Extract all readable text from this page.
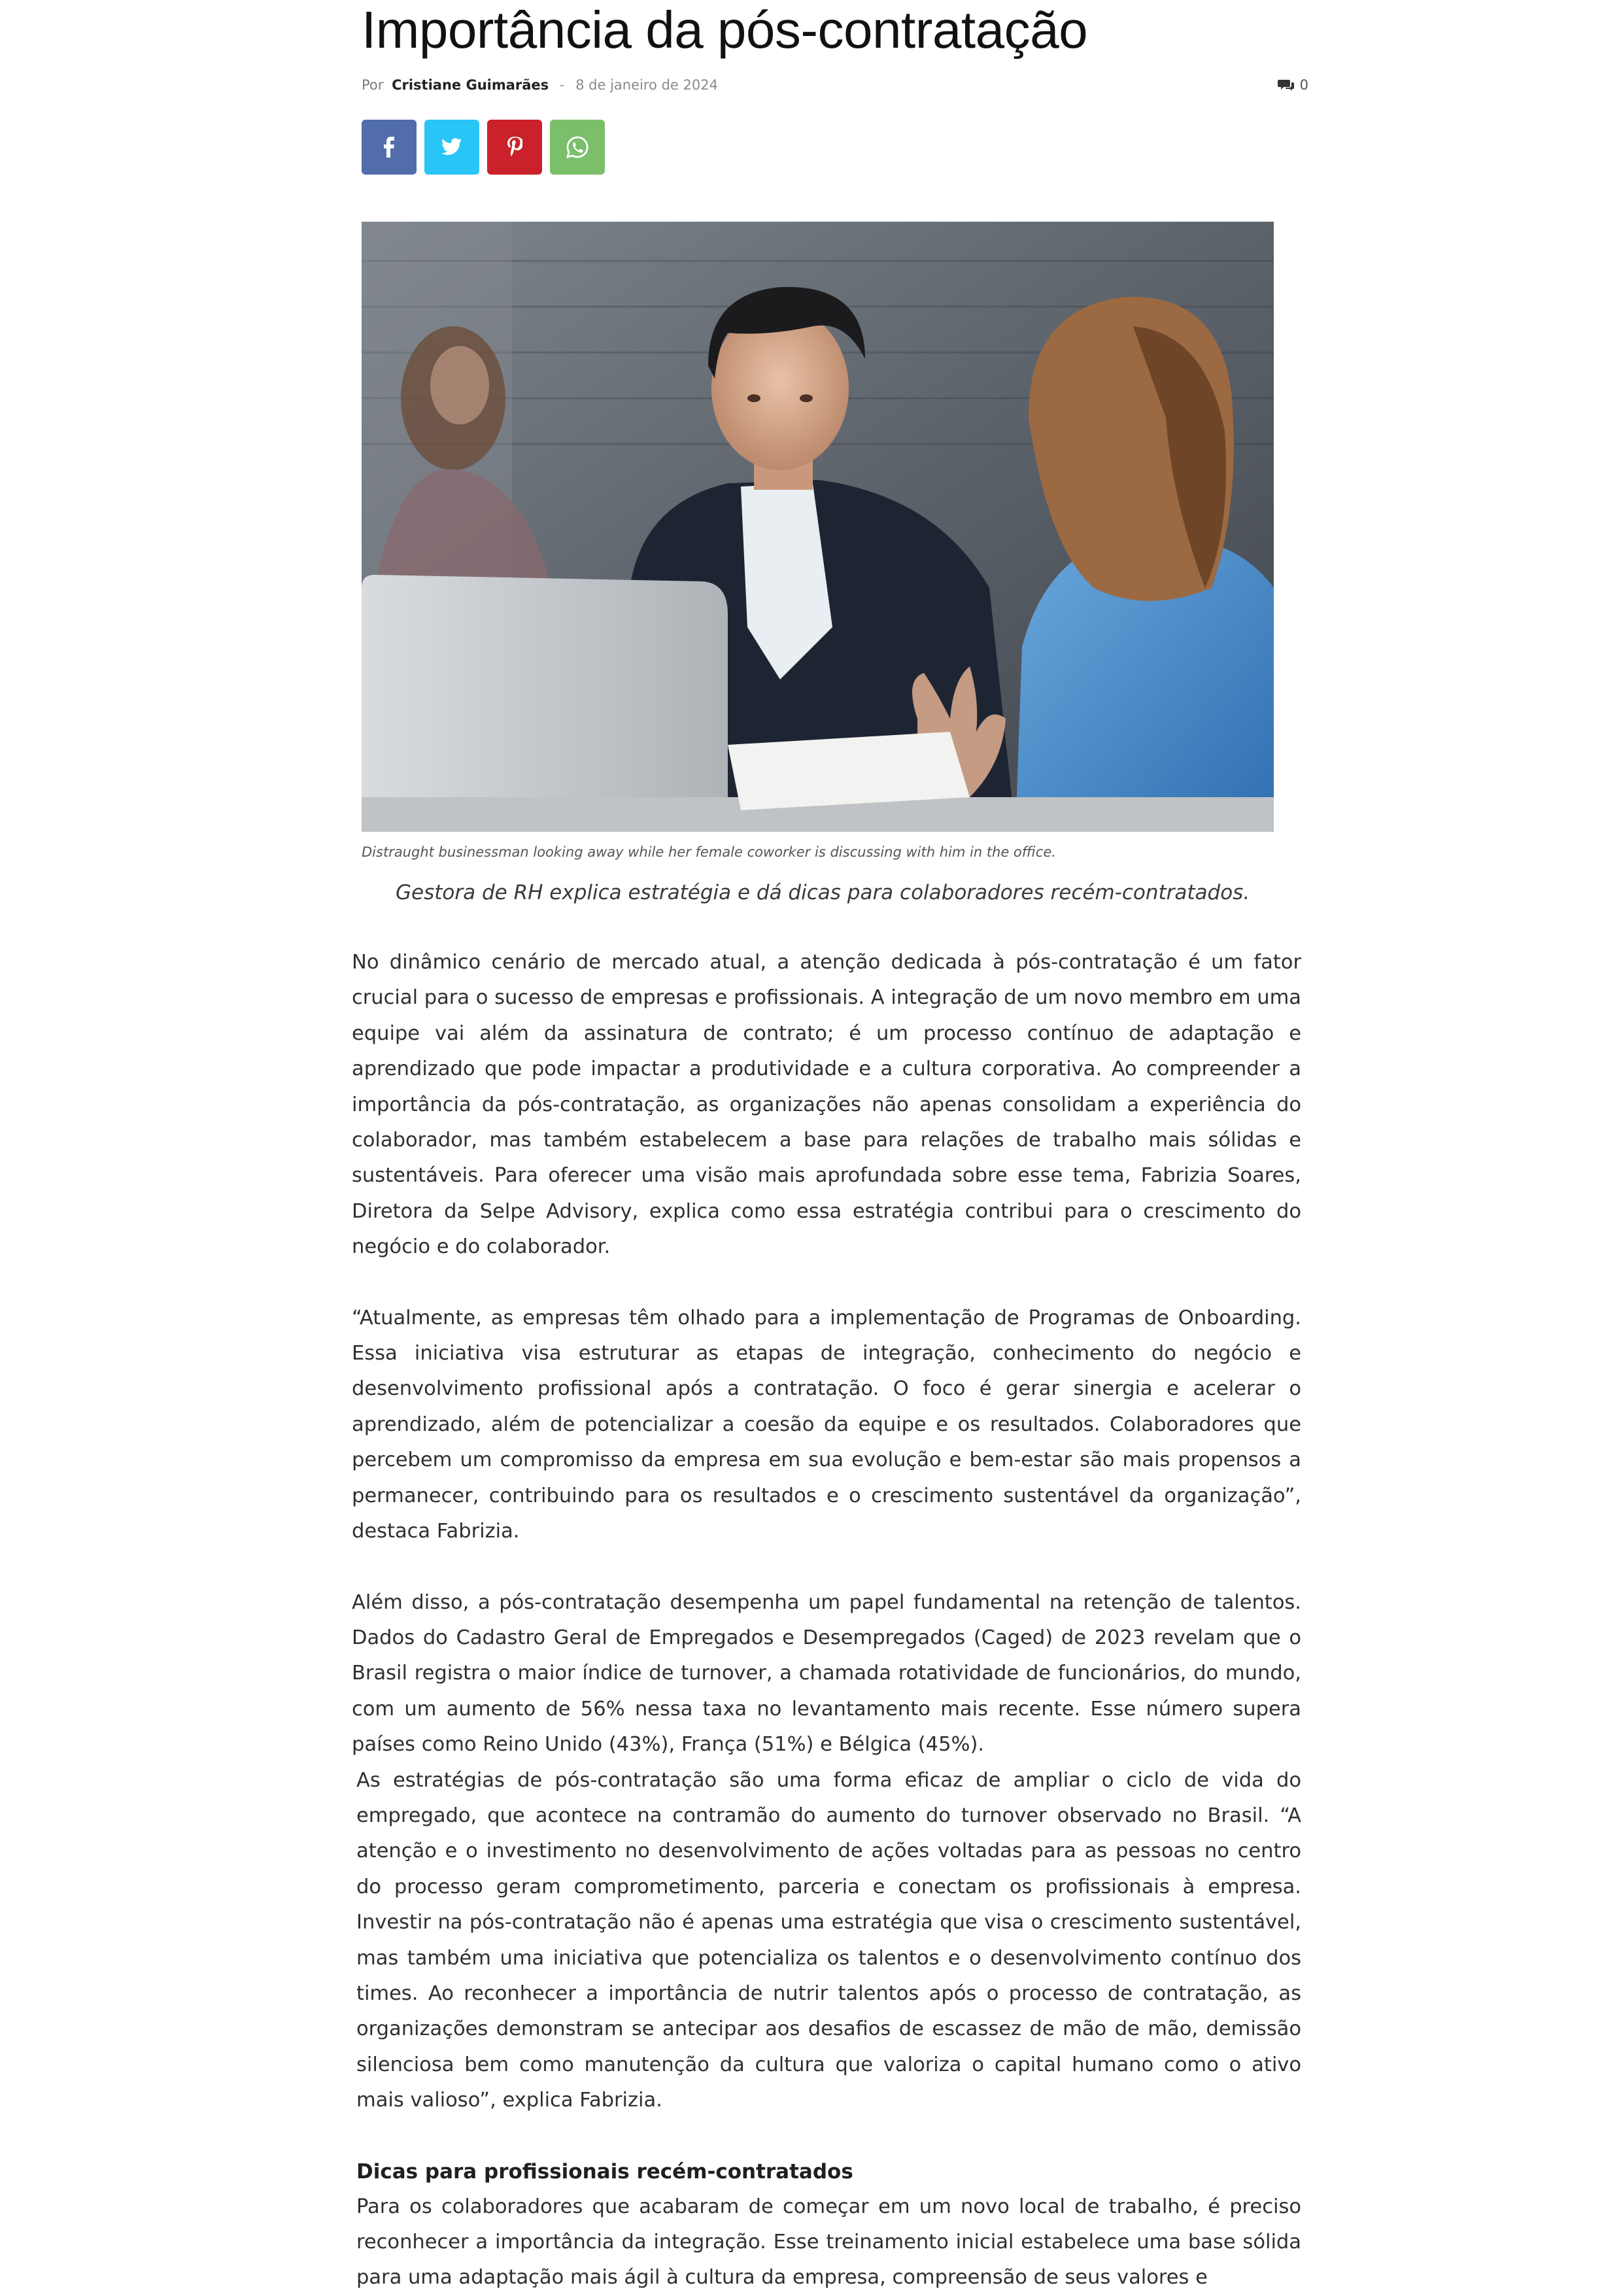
Importância da pós-contratação
Por Cristiane Guimarães - 8 de janeiro de 2024	0
Distraught businessman looking away while her female coworker is discussing with him in the office.
Gestora de RH explica estratégia e dá dicas para colaboradores recém-contratados.

No dinâmico cenário de mercado atual, a atenção dedicada à pós-contratação é um fator crucial para o sucesso de empresas e profissionais. A integração de um novo membro em uma equipe vai além da assinatura de contrato; é um processo contínuo de adaptação e aprendizado que pode impactar a produtividade e a cultura corporativa. Ao compreender a importância da pós-contratação, as organizações não apenas consolidam a experiência do colaborador, mas também estabelecem a base para relações de trabalho mais sólidas e sustentáveis. Para oferecer uma visão mais aprofundada sobre esse tema, Fabrizia Soares, Diretora da Selpe Advisory, explica como essa estratégia contribui para o crescimento do negócio e do colaborador.

“Atualmente, as empresas têm olhado para a implementação de Programas de Onboarding. Essa iniciativa visa estruturar as etapas de integração, conhecimento do negócio e desenvolvimento profissional após a contratação. O foco é gerar sinergia e acelerar o aprendizado, além de potencializar a coesão da equipe e os resultados. Colaboradores que percebem um compromisso da empresa em sua evolução e bem-estar são mais propensos a permanecer, contribuindo para os resultados e o crescimento sustentável da organização”, destaca Fabrizia.

Além disso, a pós-contratação desempenha um papel fundamental na retenção de talentos. Dados do Cadastro Geral de Empregados e Desempregados (Caged) de 2023 revelam que o Brasil registra o maior índice de turnover, a chamada rotatividade de funcionários, do mundo, com um aumento de 56% nessa taxa no levantamento mais recente. Esse número supera países como Reino Unido (43%), França (51%) e Bélgica (45%).

As estratégias de pós-contratação são uma forma eficaz de ampliar o ciclo de vida do empregado, que acontece na contramão do aumento do turnover observado no Brasil. “A atenção e o investimento no desenvolvimento de ações voltadas para as pessoas no centro do processo geram comprometimento, parceria e conectam os profissionais à empresa. Investir na pós-contratação não é apenas uma estratégia que visa o crescimento sustentável, mas também uma iniciativa que potencializa os talentos e o desenvolvimento contínuo dos times. Ao reconhecer a importância de nutrir talentos após o processo de contratação, as organizações demonstram se antecipar aos desafios de escassez de mão de mão, demissão silenciosa bem como manutenção da cultura que valoriza o capital humano como o ativo mais valioso”, explica Fabrizia.

Dicas para profissionais recém-contratados

Para os colaboradores que acabaram de começar em um novo local de trabalho, é preciso reconhecer a importância da integração. Esse treinamento inicial estabelece uma base sólida para uma adaptação mais ágil à cultura da empresa, compreensão de seus valores e
